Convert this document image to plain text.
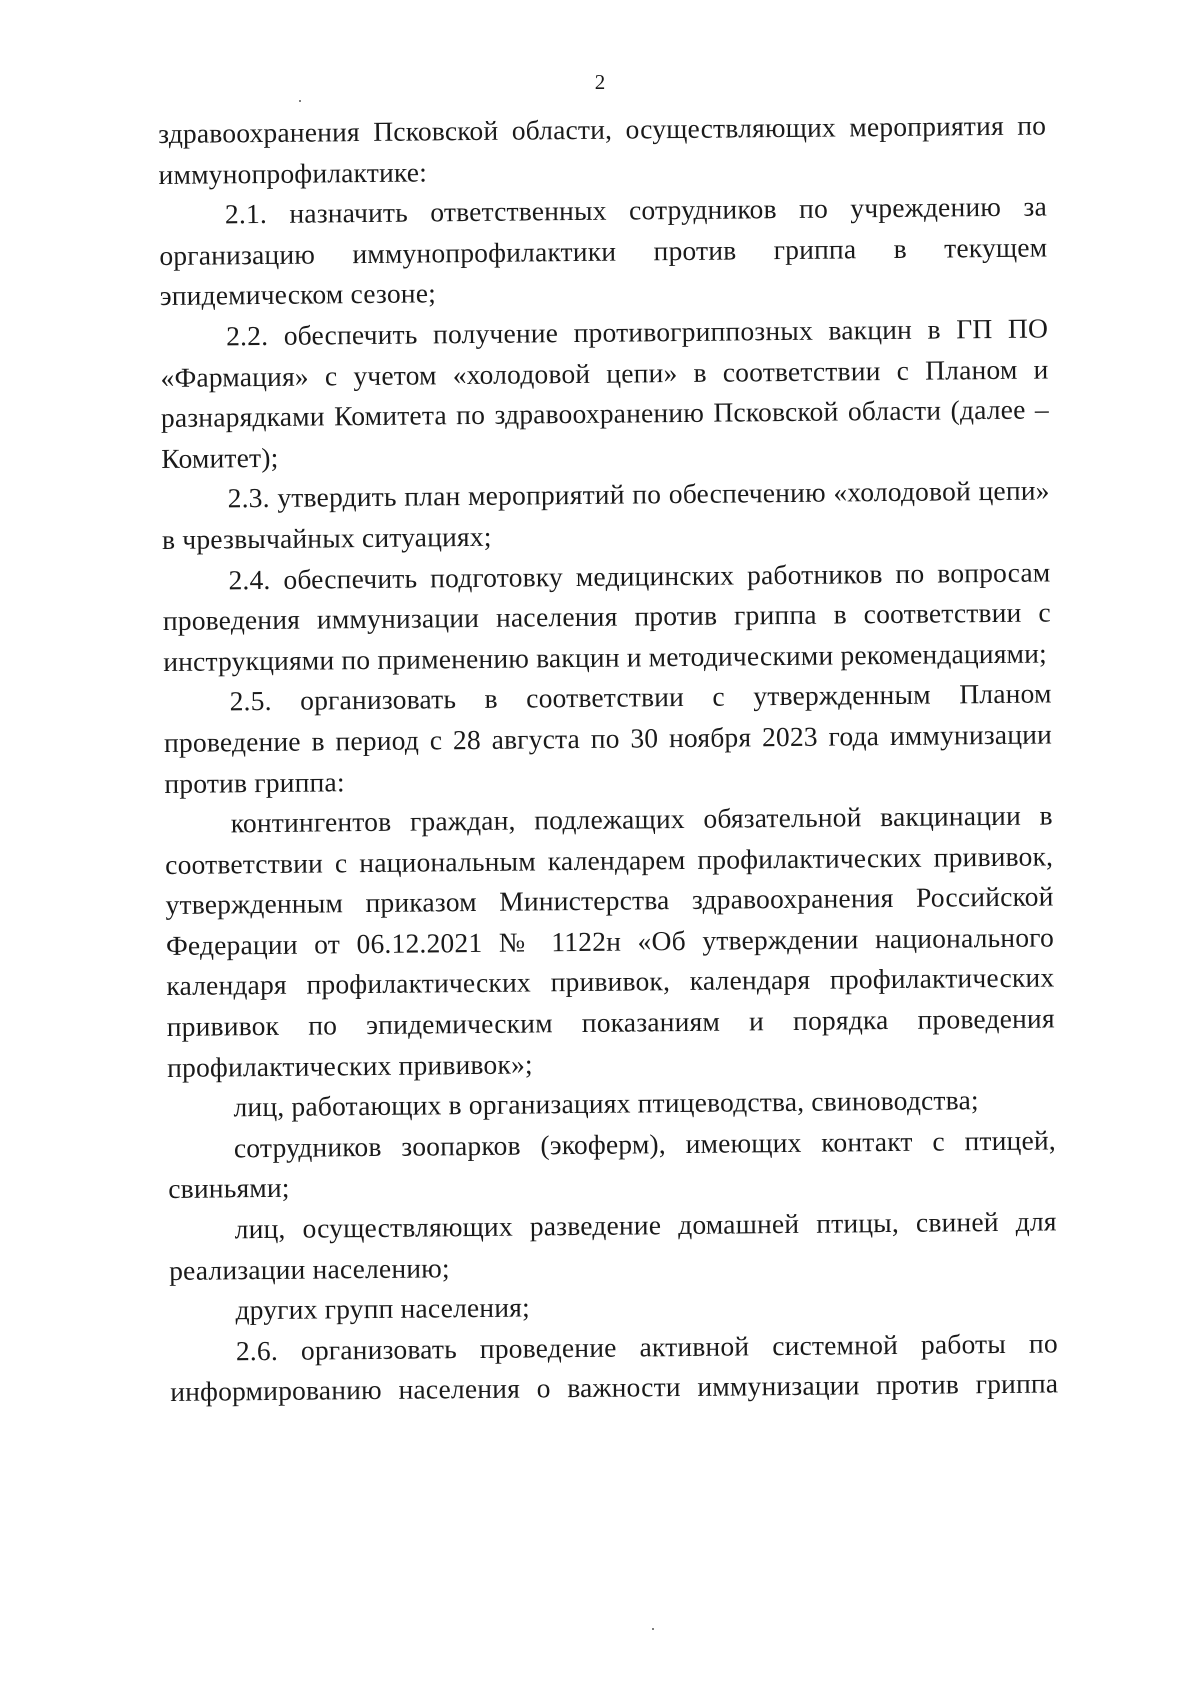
2

здравоохранения Псковской области, осуществляющих мероприятия по иммунопрофилактике:

2.1. назначить ответственных сотрудников по учреждению за организацию иммунопрофилактики против гриппа в текущем эпидемическом сезоне;

2.2. обеспечить получение противогриппозных вакцин в ГП ПО «Фармация» с учетом «холодовой цепи» в соответствии с Планом и разнарядками Комитета по здравоохранению Псковской области (далее – Комитет);

2.3. утвердить план мероприятий по обеспечению «холодовой цепи» в чрезвычайных ситуациях;

2.4. обеспечить подготовку медицинских работников по вопросам проведения иммунизации населения против гриппа в соответствии с инструкциями по применению вакцин и методическими рекомендациями;

2.5. организовать в соответствии с утвержденным Планом проведение в период с 28 августа по 30 ноября 2023 года иммунизации против гриппа:

контингентов граждан, подлежащих обязательной вакцинации в соответствии с национальным календарем профилактических прививок, утвержденным приказом Министерства здравоохранения Российской Федерации от 06.12.2021 № 1122н «Об утверждении национального календаря профилактических прививок, календаря профилактических прививок по эпидемическим показаниям и порядка проведения профилактических прививок»;

лиц, работающих в организациях птицеводства, свиноводства;

сотрудников зоопарков (экоферм), имеющих контакт с птицей, свиньями;

лиц, осуществляющих разведение домашней птицы, свиней для реализации населению;

других групп населения;

2.6. организовать проведение активной системной работы по информированию населения о важности иммунизации против гриппа
